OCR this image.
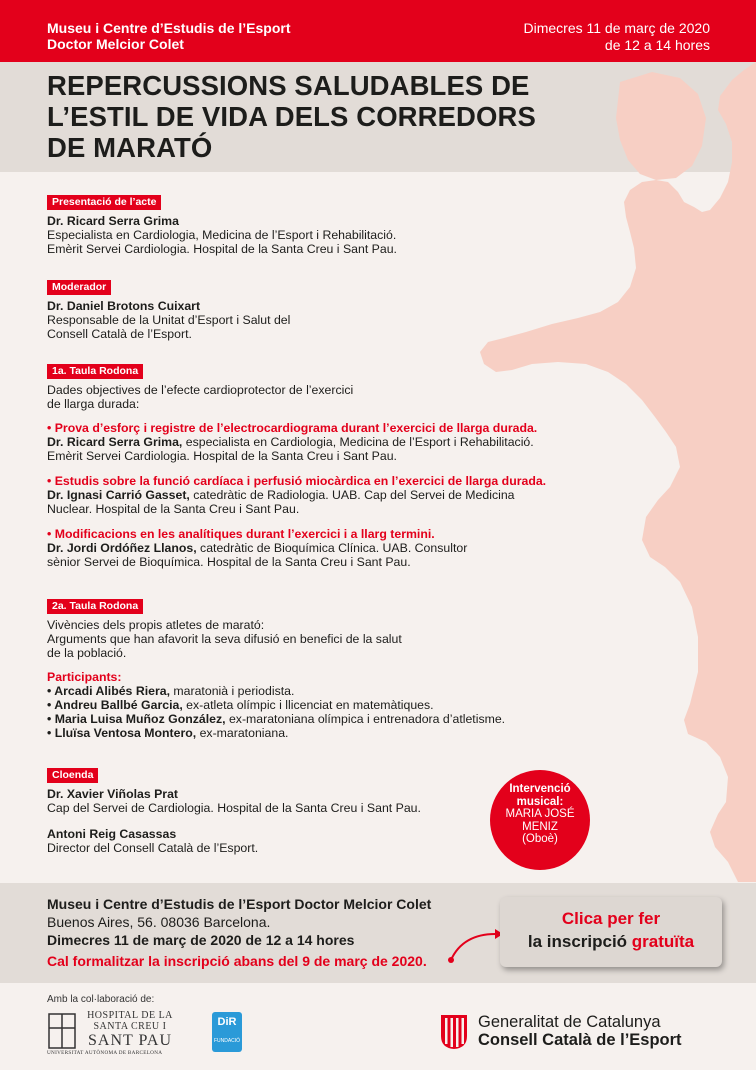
Museu i Centre d’Estudis de l’Esport

Doctor Melcior Colet

Dimecres 11 de març de 2020

de 12 a 14 hores

REPERCUSSIONS SALUDABLES DE

L’ESTIL DE VIDA DELS CORREDORS

DE MARATÓ

Presentació de l’acte

Dr. Ricard Serra Grima

Especialista en Cardiologia, Medicina de l’Esport i Rehabilitació.

Emèrit Servei Cardiologia. Hospital de la Santa Creu i Sant Pau.

Moderador

Dr. Daniel Brotons Cuixart

Responsable de la Unitat d’Esport i Salut del

Consell Català de l’Esport.

1a. Taula Rodona

Dades objectives de l’efecte cardioprotector de l’exercici

de llarga durada:

• Prova d’esforç i registre de l’electrocardiograma durant l’exercici de llarga durada.

Dr. Ricard Serra Grima, especialista en Cardiologia, Medicina de l’Esport i Rehabilitació.

Emèrit Servei Cardiologia. Hospital de la Santa Creu i Sant Pau.

• Estudis sobre la funció cardíaca i perfusió miocàrdica en l’exercici de llarga durada.

Dr. Ignasi Carrió Gasset, catedràtic de Radiologia. UAB. Cap del Servei de Medicina

Nuclear. Hospital de la Santa Creu i Sant Pau.

• Modificacions en les analítiques durant l’exercici i a llarg termini.

Dr. Jordi Ordóñez Llanos, catedràtic de Bioquímica Clínica. UAB. Consultor

sènior Servei de Bioquímica. Hospital de la Santa Creu i Sant Pau.

2a. Taula Rodona

Vivències dels propis atletes de marató:

Arguments que han afavorit la seva difusió en benefici de la salut

de la població.

Participants:

• Arcadi Alibés Riera, maratonià i periodista.

• Andreu Ballbé Garcia, ex-atleta olímpic i llicenciat en matemàtiques.

• Maria Luisa Muñoz González, ex-maratoniana olímpica i entrenadora d’atletisme.

• Lluïsa Ventosa Montero, ex-maratoniana.

Cloenda

Dr. Xavier Viñolas Prat

Cap del Servei de Cardiologia. Hospital de la Santa Creu i Sant Pau.

Antoni Reig Casassas

Director del Consell Català de l’Esport.

Intervenció

musical:

MARIA JOSÉ

MENIZ

(Oboè)

Museu i Centre d’Estudis de l’Esport Doctor Melcior Colet

Buenos Aires, 56. 08036 Barcelona.

Dimecres 11 de març de 2020 de 12 a 14 hores

Cal formalitzar la inscripció abans del 9 de març de 2020.

Clica per fer

la inscripció gratuïta

Amb la col·laboració de:

HOSPITAL DE LA

SANTA CREU I

SANT PAU

UNIVERSITAT AUTÒNOMA DE BARCELONA

DiR

FUNDACIÓ

Generalitat de Catalunya

Consell Català de l’Esport
